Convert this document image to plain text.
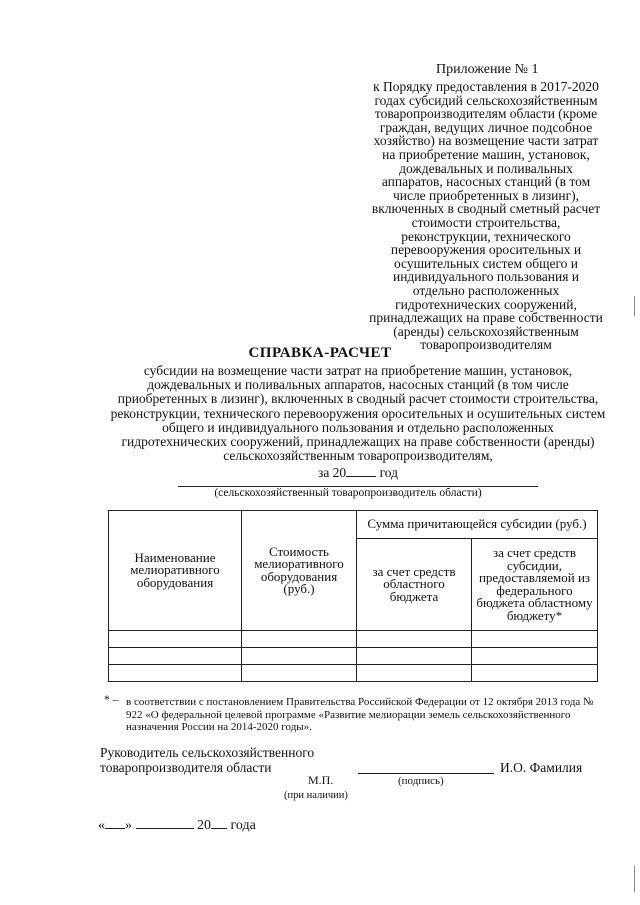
Приложение № 1
к Порядку предоставления в 2017-2020 годах субсидий сельскохозяйственным товаропроизводителям области (кроме граждан, ведущих личное подсобное хозяйство) на возмещение части затрат на приобретение машин, установок, дождевальных и поливальных аппаратов, насосных станций (в том числе приобретенных в лизинг), включенных в сводный сметный расчет стоимости строительства, реконструкции, технического перевооружения оросительных и осушительных систем общего и индивидуального пользования и отдельно расположенных гидротехнических сооружений, принадлежащих на праве собственности (аренды) сельскохозяйственным товаропроизводителям
СПРАВКА-РАСЧЕТ
субсидии на возмещение части затрат на приобретение машин, установок, дождевальных и поливальных аппаратов, насосных станций (в том числе приобретенных в лизинг), включенных в сводный расчет стоимости строительства, реконструкции, технического перевооружения оросительных и осушительных систем общего и индивидуального пользования и отдельно расположенных гидротехнических сооружений, принадлежащих на праве собственности (аренды) сельскохозяйственным товаропроизводителям,
за 20 год
(сельскохозяйственный товаропроизводитель области)
Наименование мелиоративного оборудования	Стоимость мелиоративного оборудования (руб.)	Сумма причитающейся субсидии (руб.)	
		за счет средств областного бюджета	за счет средств субсидии, предоставляемой из федерального бюджета областному бюджету*

* – в соответствии с постановлением Правительства Российской Федерации от 12 октября 2013 года № 922 «О федеральной целевой программе «Развитие мелиорации земель сельскохозяйственного назначения России на 2014-2020 годы».
Руководитель сельскохозяйственного
товаропроизводителя области	И.О. Фамилия
М.П.	(подпись)
(при наличии)
« »	20 года
